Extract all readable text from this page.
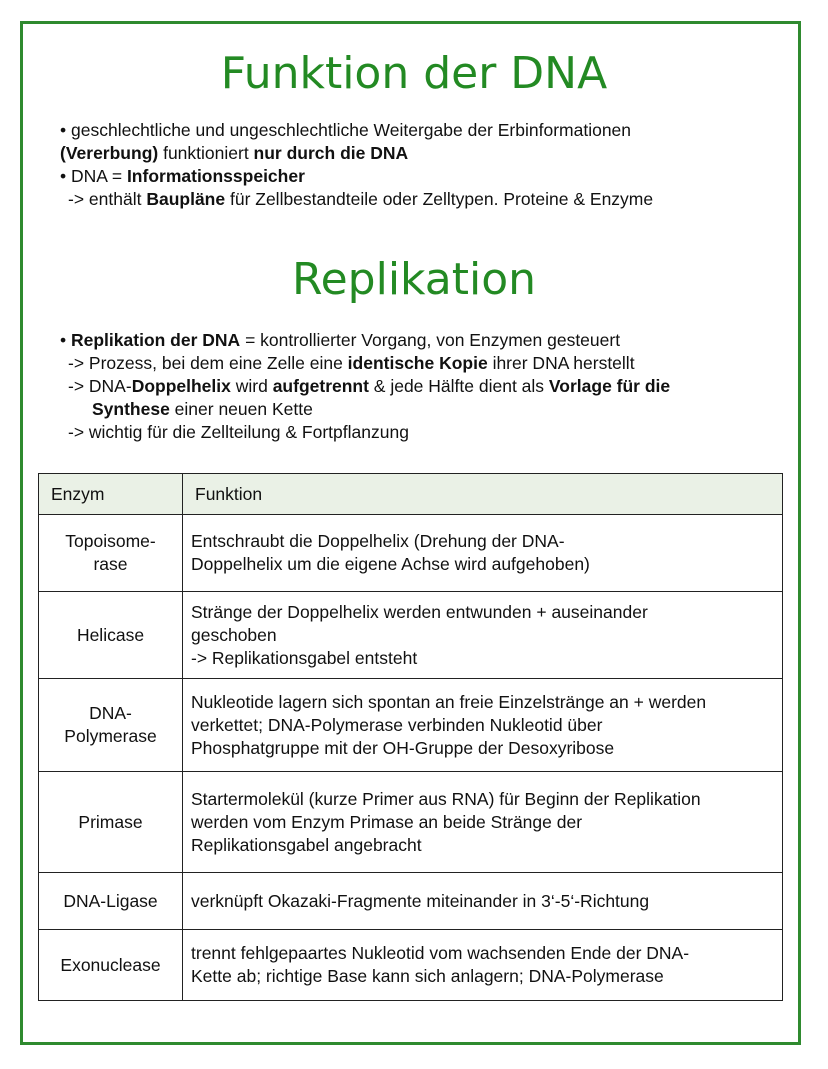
Funktion der DNA

• geschlechtliche und ungeschlechtliche Weitergabe der Erbinformationen

(Vererbung) funktioniert nur durch die DNA

• DNA = Informationsspeicher

-> enthält Baupläne für Zellbestandteile oder Zelltypen. Proteine & Enzyme

Replikation

• Replikation der DNA = kontrollierter Vorgang, von Enzymen gesteuert

-> Prozess, bei dem eine Zelle eine identische Kopie ihrer DNA herstellt

-> DNA-Doppelhelix wird aufgetrennt & jede Hälfte dient als Vorlage für die

Synthese einer neuen Kette

-> wichtig für die Zellteilung & Fortpflanzung

Enzym	Funktion
Topoisome-
rase	Entschraubt die Doppelhelix (Drehung der DNA-
Doppelhelix um die eigene Achse wird aufgehoben)
Helicase	Stränge der Doppelhelix werden entwunden + auseinander
geschoben
-> Replikationsgabel entsteht
DNA-
Polymerase	Nukleotide lagern sich spontan an freie Einzelstränge an + werden
verkettet; DNA-Polymerase verbinden Nukleotid über
Phosphatgruppe mit der OH-Gruppe der Desoxyribose
Primase	Startermolekül (kurze Primer aus RNA) für Beginn der Replikation
werden vom Enzym Primase an beide Stränge der
Replikationsgabel angebracht
DNA-Ligase	verknüpft Okazaki-Fragmente miteinander in 3‘-5‘-Richtung
Exonuclease	trennt fehlgepaartes Nukleotid vom wachsenden Ende der DNA-
Kette ab; richtige Base kann sich anlagern; DNA-Polymerase
